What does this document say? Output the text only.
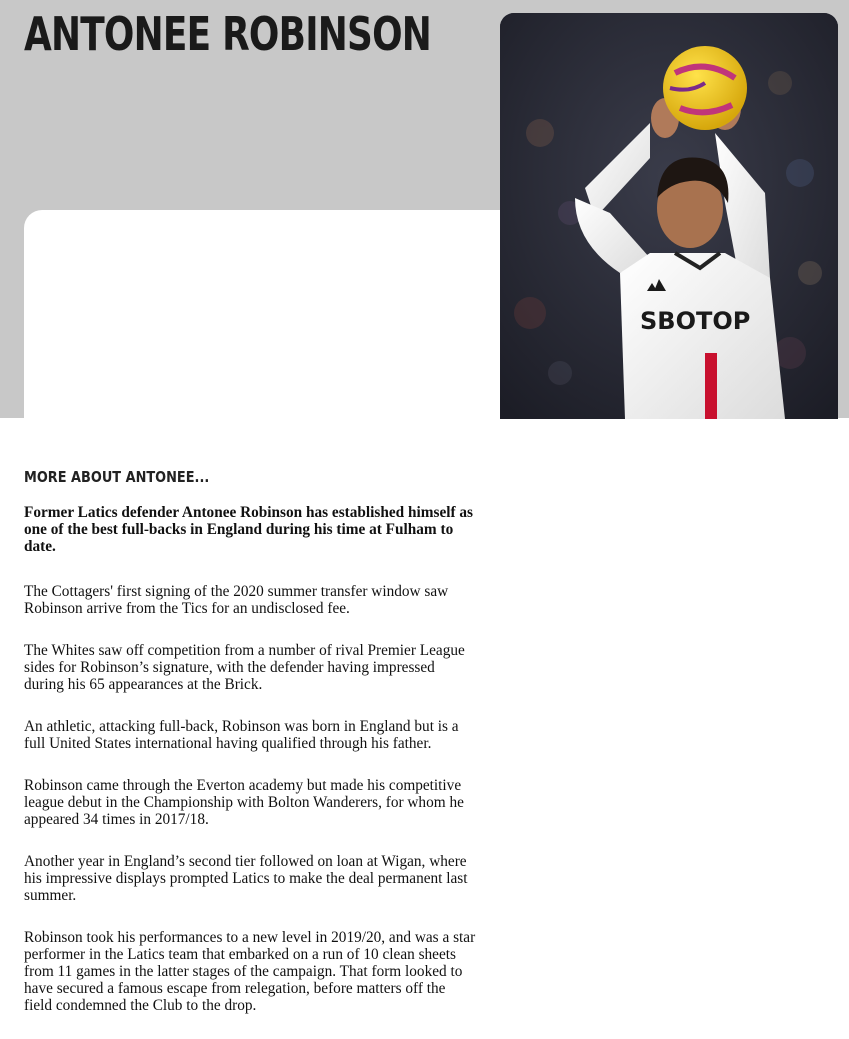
ANTONEE ROBINSON
SBOTOP
MORE ABOUT ANTONEE...

Former Latics defender Antonee Robinson has established himself as one of the best full-backs in England during his time at Fulham to date.

The Cottagers' first signing of the 2020 summer transfer window saw Robinson arrive from the Tics for an undisclosed fee.

The Whites saw off competition from a number of rival Premier League sides for Robinson’s signature, with the defender having impressed during his 65 appearances at the Brick.

An athletic, attacking full-back, Robinson was born in England but is a full United States international having qualified through his father.

Robinson came through the Everton academy but made his competitive league debut in the Championship with Bolton Wanderers, for whom he appeared 34 times in 2017/18.

Another year in England’s second tier followed on loan at Wigan, where his impressive displays prompted Latics to make the deal permanent last summer.

Robinson took his performances to a new level in 2019/20, and was a star performer in the Latics team that embarked on a run of 10 clean sheets from 11 games in the latter stages of the campaign. That form looked to have secured a famous escape from relegation, before matters off the field condemned the Club to the drop.
